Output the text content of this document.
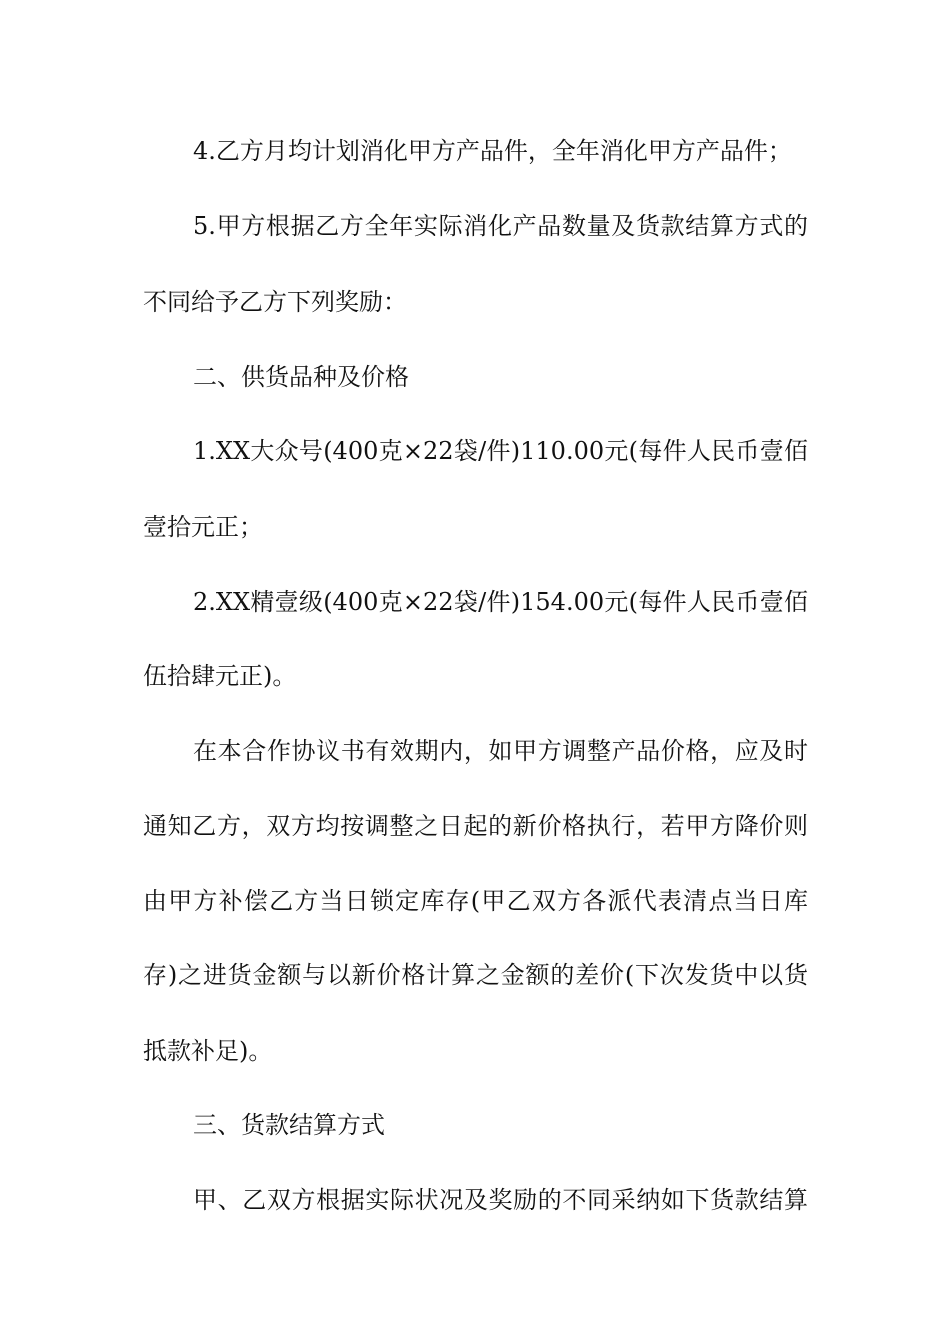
4.乙方月均计划消化甲方产品件，全年消化甲方产品件；
5.甲方根据乙方全年实际消化产品数量及货款结算方式的
不同给予乙方下列奖励：
二、供货品种及价格
1.XX大众号(400克×22袋/件)110.00元(每件人民币壹佰
壹拾元正；
2.XX精壹级(400克×22袋/件)154.00元(每件人民币壹佰
伍拾肆元正)。
在本合作协议书有效期内，如甲方调整产品价格，应及时
通知乙方，双方均按调整之日起的新价格执行，若甲方降价则
由甲方补偿乙方当日锁定库存(甲乙双方各派代表清点当日库
存)之进货金额与以新价格计算之金额的差价(下次发货中以货
抵款补足)。
三、货款结算方式
甲、乙双方根据实际状况及奖励的不同采纳如下货款结算
